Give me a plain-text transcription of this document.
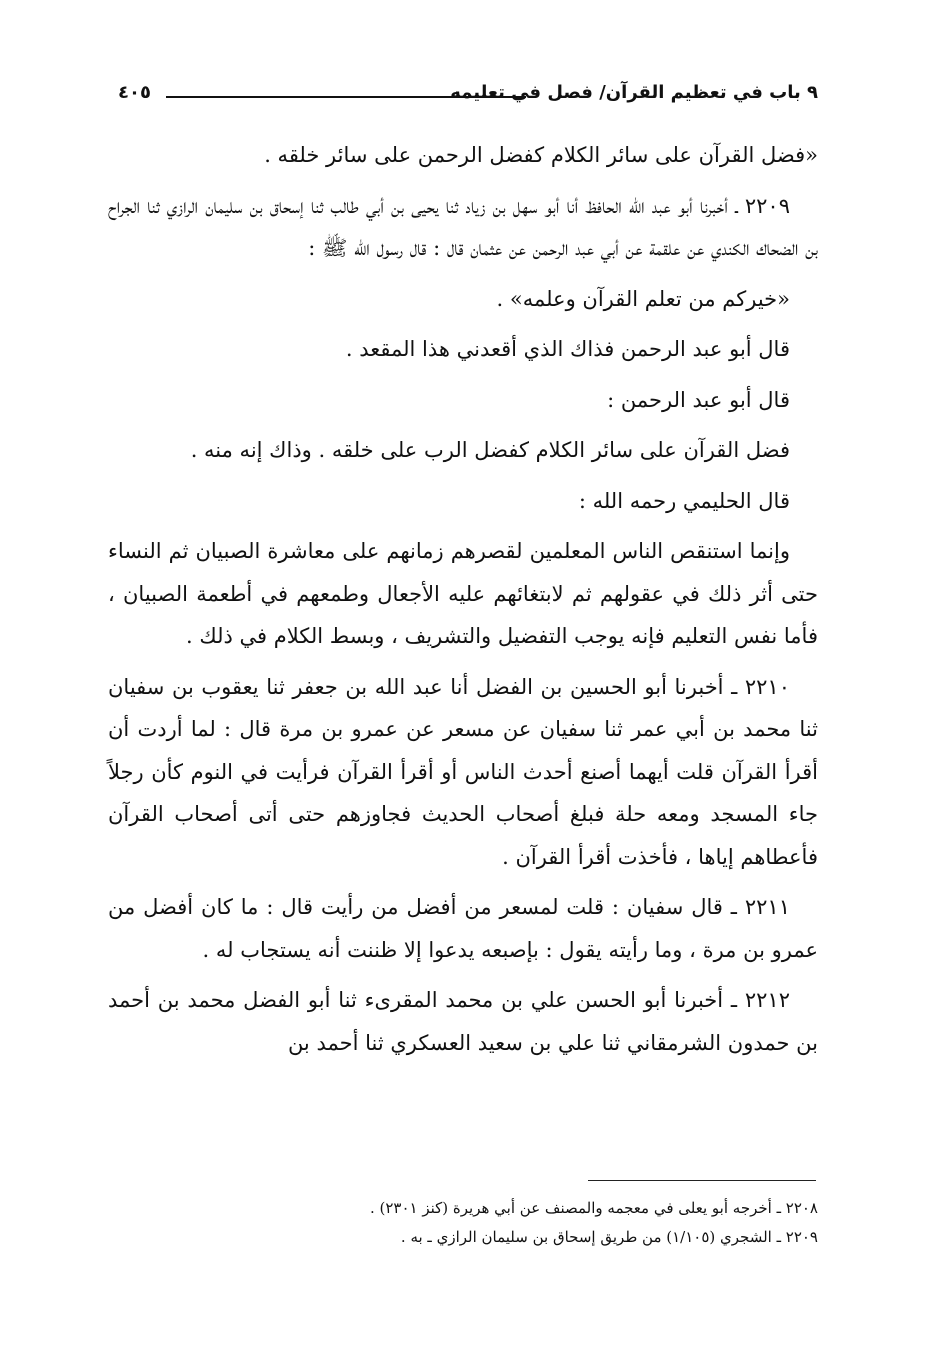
٩ باب في تعظيم القرآن/ فصل في تعليمه
٤٠٥

«فضل القرآن على سائر الكلام كفضل الرحمن على سائر خلقه .

٢٢٠٩ ـ أخبرنا أبو عبد الله الحافظ أنا أبو سهل بن زياد ثنا يحيى بن أبي طالب ثنا إسحاق بن سليمان الرازي ثنا الجراح بن الضحاك الكندي عن علقمة عن أبي عبد الرحمن عن عثمان قال : قال رسول الله ﷺ :

«خيركم من تعلم القرآن وعلمه» .

قال أبو عبد الرحمن فذاك الذي أقعدني هذا المقعد .

قال أبو عبد الرحمن :

فضل القرآن على سائر الكلام كفضل الرب على خلقه . وذاك إنه منه .

قال الحليمي رحمه الله :

وإنما استنقص الناس المعلمين لقصرهم زمانهم على معاشرة الصبيان ثم النساء حتى أثر ذلك في عقولهم ثم لابتغائهم عليه الأجعال وطمعهم في أطعمة الصبيان ، فأما نفس التعليم فإنه يوجب التفضيل والتشريف ، وبسط الكلام في ذلك .

٢٢١٠ ـ أخبرنا أبو الحسين بن الفضل أنا عبد الله بن جعفر ثنا يعقوب بن سفيان ثنا محمد بن أبي عمر ثنا سفيان عن مسعر عن عمرو بن مرة قال : لما أردت أن أقرأ القرآن قلت أيهما أصنع أحدث الناس أو أقرأ القرآن فرأيت في النوم كأن رجلاً جاء المسجد ومعه حلة فبلغ أصحاب الحديث فجاوزهم حتى أتى أصحاب القرآن فأعطاهم إياها ، فأخذت أقرأ القرآن .

٢٢١١ ـ قال سفيان : قلت لمسعر من أفضل من رأيت قال : ما كان أفضل من عمرو بن مرة ، وما رأيته يقول : بإصبعه يدعوا إلا ظننت أنه يستجاب له .

٢٢١٢ ـ أخبرنا أبو الحسن علي بن محمد المقرىء ثنا أبو الفضل محمد بن أحمد بن حمدون الشرمقاني ثنا علي بن سعيد العسكري ثنا أحمد بن

٢٢٠٨ ـ أخرجه أبو يعلى في معجمه والمصنف عن أبي هريرة (كنز ٢٣٠١) .

٢٢٠٩ ـ الشجري (١/١٠٥) من طريق إسحاق بن سليمان الرازي ـ به .
